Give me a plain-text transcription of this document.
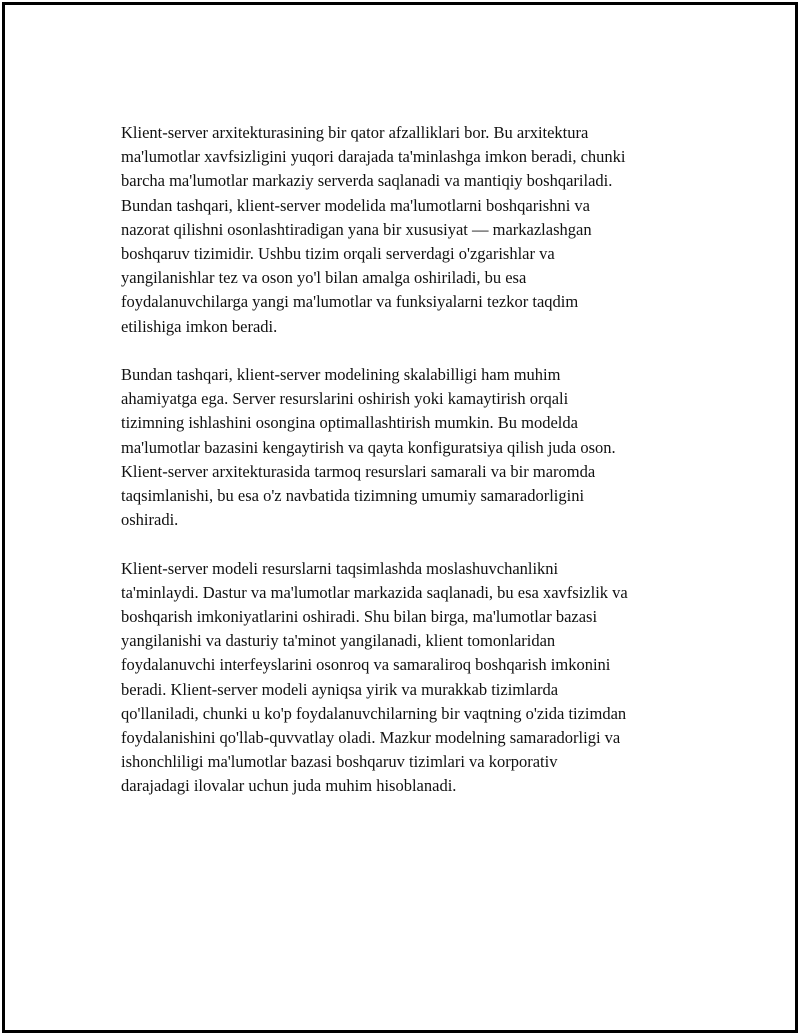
Klient-server arxitekturasining bir qator afzalliklari bor. Bu arxitektura
ma'lumotlar xavfsizligini yuqori darajada ta'minlashga imkon beradi, chunki
barcha ma'lumotlar markaziy serverda saqlanadi va mantiqiy boshqariladi.
Bundan tashqari, klient-server modelida ma'lumotlarni boshqarishni va
nazorat qilishni osonlashtiradigan yana bir xususiyat — markazlashgan
boshqaruv tizimidir. Ushbu tizim orqali serverdagi o'zgarishlar va
yangilanishlar tez va oson yo'l bilan amalga oshiriladi, bu esa
foydalanuvchilarga yangi ma'lumotlar va funksiyalarni tezkor taqdim
etilishiga imkon beradi.

Bundan tashqari, klient-server modelining skalabilligi ham muhim
ahamiyatga ega. Server resurslarini oshirish yoki kamaytirish orqali
tizimning ishlashini osongina optimallashtirish mumkin. Bu modelda
ma'lumotlar bazasini kengaytirish va qayta konfiguratsiya qilish juda oson.
Klient-server arxitekturasida tarmoq resurslari samarali va bir maromda
taqsimlanishi, bu esa o'z navbatida tizimning umumiy samaradorligini
oshiradi.

Klient-server modeli resurslarni taqsimlashda moslashuvchanlikni
ta'minlaydi. Dastur va ma'lumotlar markazida saqlanadi, bu esa xavfsizlik va
boshqarish imkoniyatlarini oshiradi. Shu bilan birga, ma'lumotlar bazasi
yangilanishi va dasturiy ta'minot yangilanadi, klient tomonlaridan
foydalanuvchi interfeyslarini osonroq va samaraliroq boshqarish imkonini
beradi. Klient-server modeli ayniqsa yirik va murakkab tizimlarda
qo'llaniladi, chunki u ko'p foydalanuvchilarning bir vaqtning o'zida tizimdan
foydalanishini qo'llab-quvvatlay oladi. Mazkur modelning samaradorligi va
ishonchliligi ma'lumotlar bazasi boshqaruv tizimlari va korporativ
darajadagi ilovalar uchun juda muhim hisoblanadi.
